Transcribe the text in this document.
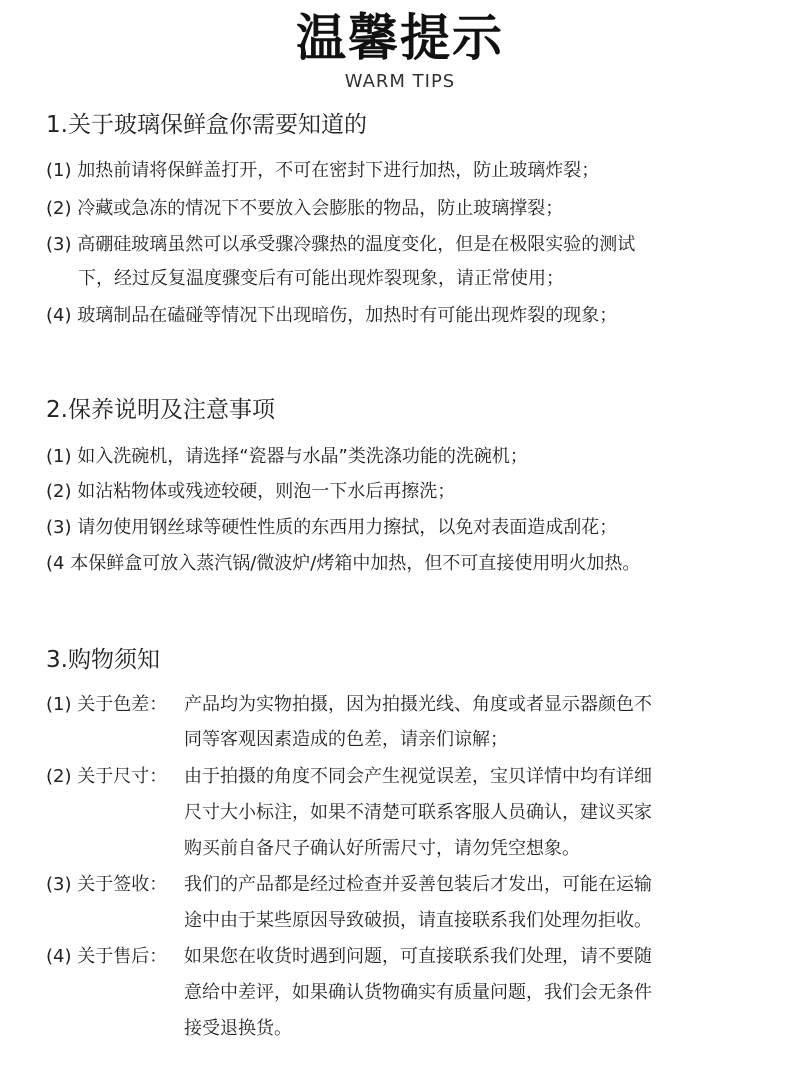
温馨提示
WARM TIPS
1.关于玻璃保鲜盒你需要知道的
(1) 加热前请将保鲜盖打开，不可在密封下进行加热，防止玻璃炸裂；
(2) 冷藏或急冻的情况下不要放入会膨胀的物品，防止玻璃撑裂；
(3) 高硼硅玻璃虽然可以承受骤冷骤热的温度变化，但是在极限实验的测试
下，经过反复温度骤变后有可能出现炸裂现象，请正常使用；
(4) 玻璃制品在磕碰等情况下出现暗伤，加热时有可能出现炸裂的现象；
2.保养说明及注意事项
(1) 如入洗碗机，请选择“瓷器与水晶”类洗涤功能的洗碗机；
(2) 如沾粘物体或残迹较硬，则泡一下水后再擦洗；
(3) 请勿使用钢丝球等硬性性质的东西用力擦拭，以免对表面造成刮花；
(4 本保鲜盒可放入蒸汽锅/微波炉/烤箱中加热，但不可直接使用明火加热。
3.购物须知
(1) 关于色差： 产品均为实物拍摄，因为拍摄光线、角度或者显示器颜色不
同等客观因素造成的色差，请亲们谅解；
(2) 关于尺寸： 由于拍摄的角度不同会产生视觉误差，宝贝详情中均有详细
尺寸大小标注，如果不清楚可联系客服人员确认，建议买家
购买前自备尺子确认好所需尺寸，请勿凭空想象。
(3) 关于签收： 我们的产品都是经过检查并妥善包装后才发出，可能在运输
途中由于某些原因导致破损，请直接联系我们处理勿拒收。
(4) 关于售后： 如果您在收货时遇到问题，可直接联系我们处理，请不要随
意给中差评，如果确认货物确实有质量问题，我们会无条件
接受退换货。
